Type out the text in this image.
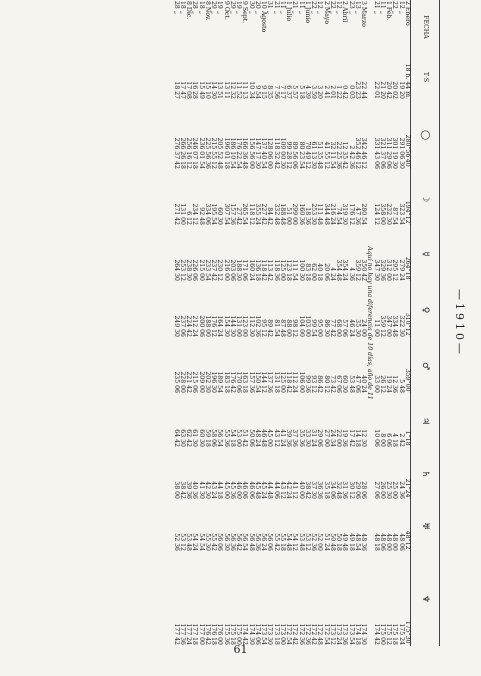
—1910—
FECHA	T·S	◯	☽	☿	♀	♂	♃	♄	♅	♆
2 Enero	18 h. 44 m.	280°56′40″	194°12′	264°18′	310°12′	359°00′	1°18′	21°24′	48°12′	175°30′
12 „	19 20	291 06 30	323 54	279 24	322 30	5 48	2 42	24 36	48 06	175 24
22 „	20 02	301 19 30	87 54	295 12	334 48	12 36	4 18	25 00	48 00	175 18
1 Feb.	20 42	311 29 06	232 30	312 00	347 00	19 24	6 06	25 30	48 00	175 12
11 „	21 20	321 37 06	358 00	329 36	359 12	26 12	8 00	26 00	48 06	175 00
21 „	22 01	331 43 06	124 12	347 30	11 00	33 00	10 06	27 06	48 18	174 42
Aquí no hay una diferencia de 10 días, año de 11										
3 Marzo	22 44	342 46 12	280 54	350 42	24 00	40 24	12 30	28 06	48 36	174 30
13 „	23 23	352 46 12	47 36	359 12	35 30	47 06	14 18	29 06	48 54	174 18
23 „	0 03	2 42 36	176 12	4 36	46 24	53 48	17 42	30 12	49 18	173 54
2 Abril	0 42	12 35 42	319 30	354 24	57 06	60 30	19 36	31 36	49 48	173 36
12 „	1 22	22 25 36	74 54	354 48	68 00	67 06	22 00	32 48	50 18	173 24
22 „	2 01	32 11 54	216 24	4 24	77 42	73 42	24 34	34 06	50 48	173 12
2 Mayo	2 41	41 55 12	344 48	20 06	86 30	80 12	27 00	35 18	51 24	172 54
12 „	3 20	51 35 48	111 48	40 18	95 00	86 42	29 06	36 36	52 00	172 48
22 „	3 59	61 13 30	253 30	62 00	99 54	93 12	31 24	37 30	52 36	172 42
1 Junio	4 39	70 49 12	18 36	83 18	103 00	99 36	33 30	38 42	53 12	172 36
11 „	5 18	80 23 54	160 36	100 30	104 00	106 00	35 36	40 00	53 48	172 36
21 „	5 57	89 56 06	299 00	111 54	98 12	112 24	37 36	41 12	54 12	172 42
1 Julio	6 37	99 28 12	51 00	123 18	88 00	118 42	39 36	42 24	54 48	172 54
11 „	7 17	109 00 30	188 48	125 00	87 48	125 00	41 24	43 12	55 18	173 00
21 „	7 56	118 32 42	332 48	118 36	81 54	131 18	43 12	44 06	55 42	173 18
31 „	8 35	128 06 00	84 42	113 42	89 42	137 36	45 00	44 48	56 06	173 30
10 Agosto	9 15	137 40 54	227 42	118 42	95 12	144 12	46 48	45 24	56 24	173 54
20 „	9 54	147 17 30	355 24	136 18	102 36	150 54	48 24	45 48	56 36	174 06
30 „	10 34	156 56 00	118 12	160 24	112 30	157 36	50 06	46 06	56 48	174 30
9 Sept.	11 13	166 36 48	265 54	171 06	123 00	163 18	51 42	46 06	56 54	174 42
19 „	11 52	176 22 54	27 42	188 30	131 00	170 06	53 00	46 00	56 42	175 00
29 „	12 32	186 10 54	157 36	203 06	144 30	176 42	54 18	45 36	56 36	175 18
9 Oct.	13 11	196 01 18	307 54	216 00	154 30	183 18	55 36	45 00	56 30	175 36
19 „	13 51	205 52 48	60 30	230 12	164 24	189 54	56 54	44 18	56 06	176 00
29 „	14 30	215 55 12	195 54	237 42	176 12	196 30	58 06	43 24	55 42	176 18
8 Nov.	15 10	225 56 36	334 06	233 54	188 00	202 30	59 18	42 30	55 30	176 42
18 „	15 49	236 01 54	92 48	215 00	200 06	209 00	60 30	41 30	54 54	177 00
28 „	16 28	246 07 18	234 12	226 06	212 24	215 06	61 30	40 36	54 24	177 18
8 Dic.	17 08	256 16 12	6 12	238 30	224 42	221 42	62 42	39 36	53 48	177 24
18 „	17 47	266 26 18	131 00	253 12	237 06	228 00	63 30	38 42	53 12	177 36
28 „	18 27	276 37 42	271 42	264 30	249 30	235 06	64 42	38 00	52 36	177 42
61
